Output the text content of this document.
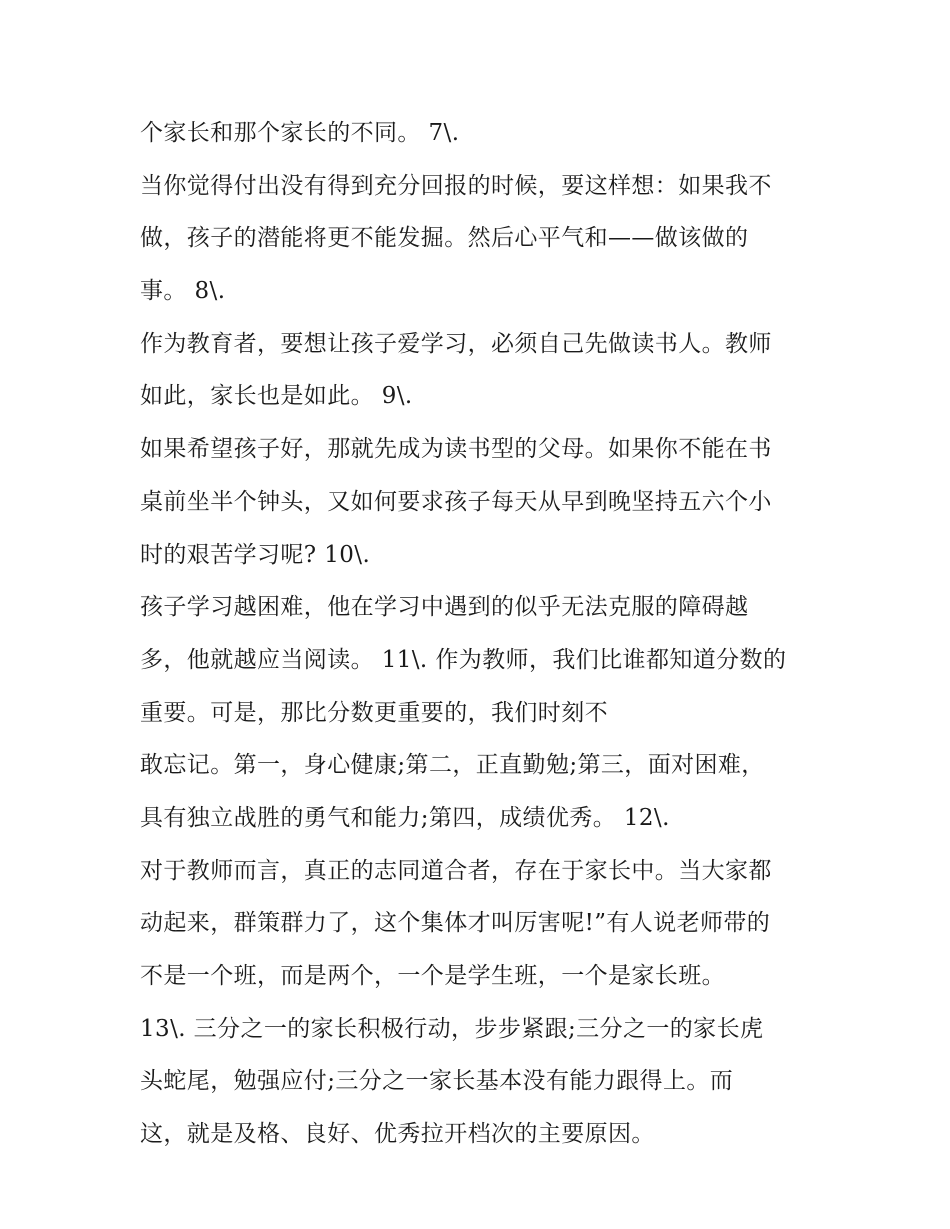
个家长和那个家长的不同。 7\.
当你觉得付出没有得到充分回报的时候，要这样想：如果我不
做，孩子的潜能将更不能发掘。然后心平气和——做该做的
事。 8\.
作为教育者，要想让孩子爱学习，必须自己先做读书人。教师
如此，家长也是如此。 9\.
如果希望孩子好，那就先成为读书型的父母。如果你不能在书
桌前坐半个钟头，又如何要求孩子每天从早到晚坚持五六个小
时的艰苦学习呢? 10\.
孩子学习越困难，他在学习中遇到的似乎无法克服的障碍越
多，他就越应当阅读。 11\. 作为教师，我们比谁都知道分数的
重要。可是，那比分数更重要的，我们时刻不
敢忘记。第一，身心健康;第二，正直勤勉;第三，面对困难，
具有独立战胜的勇气和能力;第四，成绩优秀。 12\.
对于教师而言，真正的志同道合者，存在于家长中。当大家都
动起来，群策群力了，这个集体才叫厉害呢!”有人说老师带的
不是一个班，而是两个，一个是学生班，一个是家长班。
13\. 三分之一的家长积极行动，步步紧跟;三分之一的家长虎
头蛇尾，勉强应付;三分之一家长基本没有能力跟得上。而
这，就是及格、良好、优秀拉开档次的主要原因。
